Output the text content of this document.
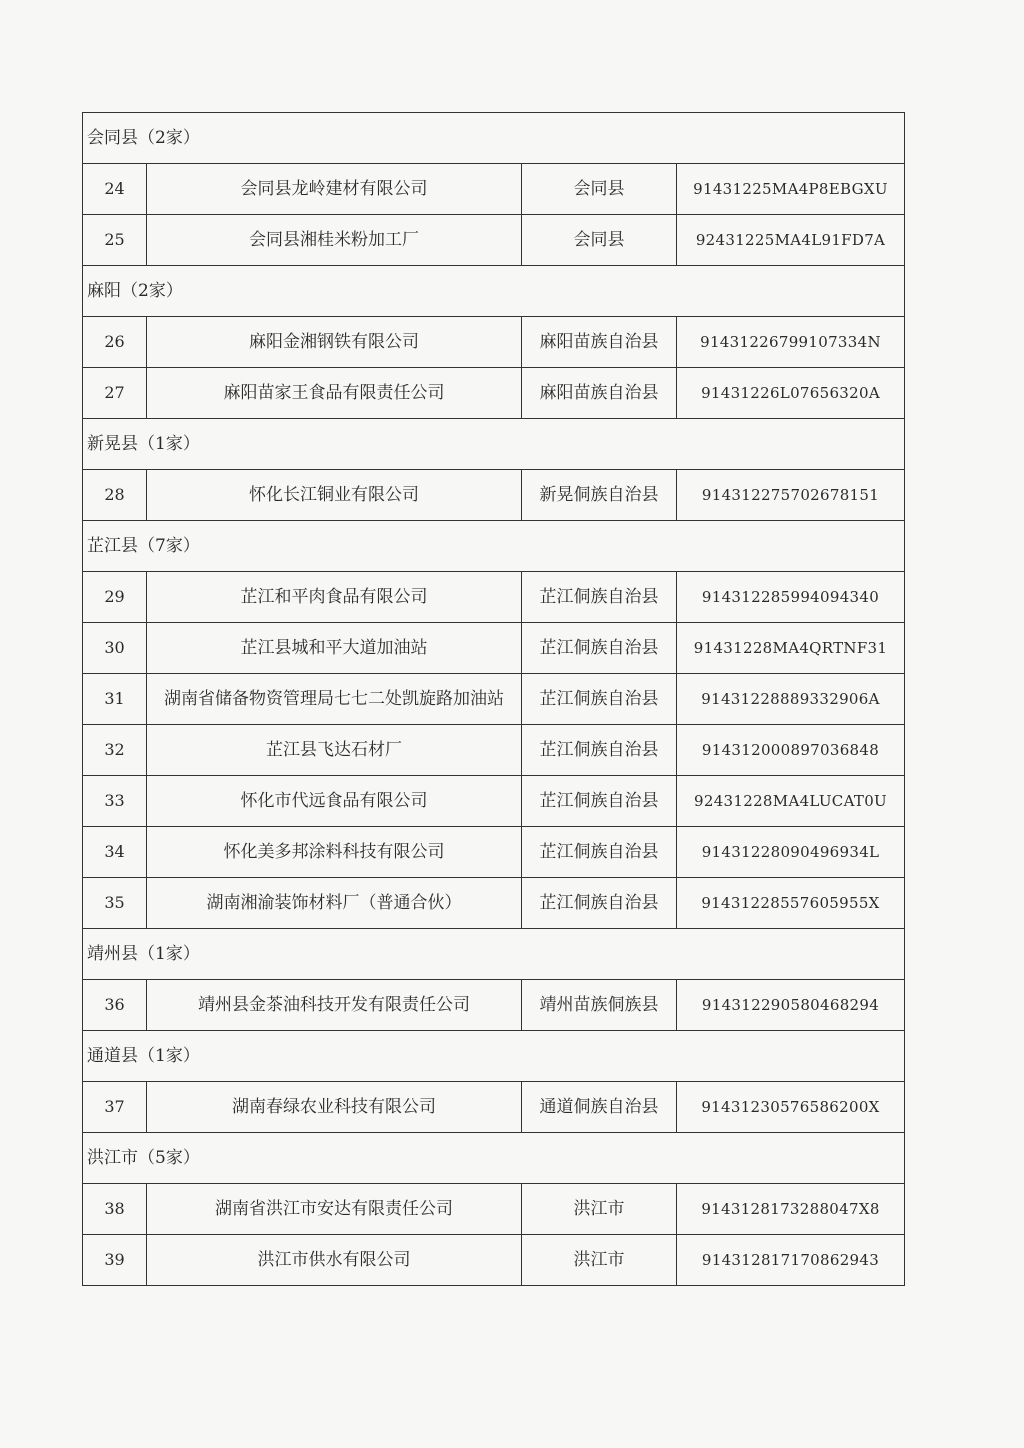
会同县（2家）			
24	会同县龙岭建材有限公司	会同县	91431225MA4P8EBGXU
25	会同县湘桂米粉加工厂	会同县	92431225MA4L91FD7A
麻阳（2家）			
26	麻阳金湘钢铁有限公司	麻阳苗族自治县	91431226799107334N
27	麻阳苗家王食品有限责任公司	麻阳苗族自治县	91431226L07656320A
新晃县（1家）			
28	怀化长江铜业有限公司	新晃侗族自治县	914312275702678151
芷江县（7家）			
29	芷江和平肉食品有限公司	芷江侗族自治县	914312285994094340
30	芷江县城和平大道加油站	芷江侗族自治县	91431228MA4QRTNF31
31	湖南省储备物资管理局七七二处凯旋路加油站	芷江侗族自治县	91431228889332906A
32	芷江县飞达石材厂	芷江侗族自治县	914312000897036848
33	怀化市代远食品有限公司	芷江侗族自治县	92431228MA4LUCAT0U
34	怀化美多邦涂料科技有限公司	芷江侗族自治县	91431228090496934L
35	湖南湘渝装饰材料厂（普通合伙）	芷江侗族自治县	91431228557605955X
靖州县（1家）			
36	靖州县金茶油科技开发有限责任公司	靖州苗族侗族县	914312290580468294
通道县（1家）			
37	湖南春绿农业科技有限公司	通道侗族自治县	91431230576586200X
洪江市（5家）			
38	湖南省洪江市安达有限责任公司	洪江市	9143128173288047X8
39	洪江市供水有限公司	洪江市	914312817170862943
